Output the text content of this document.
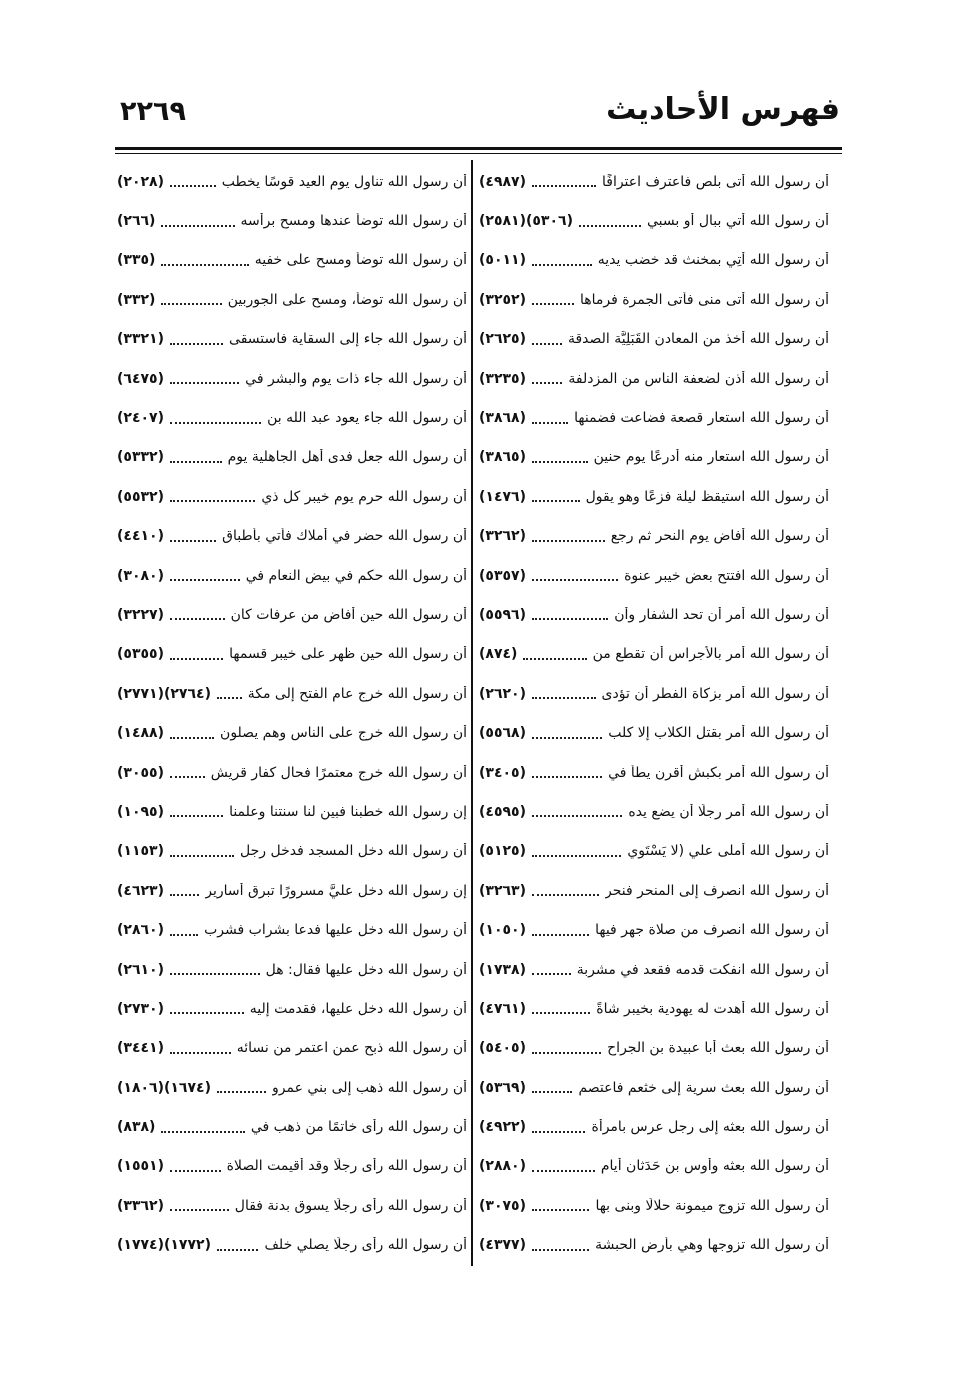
فهرس الأحاديث
٢٢٦٩
أن رسول الله أتى بلص فاعترف اعترافًا
(٤٩٨٧)
أن رسول الله أتي ببال أو بسبي
(٥٣٠٦)(٢٥٨١)
أن رسول الله أُتِي بمخنث قد خضب يديه
(٥٠١١)
أن رسول الله أتى منى فأتى الجمرة فرماها
(٣٢٥٢)
أن رسول الله أخذ من المعادن القَبَلِيَّة الصدقة
(٢٦٢٥)
أن رسول الله أذن لضعفة الناس من المزدلفة
(٣٢٣٥)
أن رسول الله استعار قصعة فضاعت فضمنها
(٣٨٦٨)
أن رسول الله استعار منه أدرعًا يوم حنين
(٣٨٦٥)
أن رسول الله استيقظ ليلة فزعًا وهو يقول
(١٤٧٦)
أن رسول الله أفاض يوم النحر ثم رجع
(٣٢٦٢)
أن رسول الله افتتح بعض خيبر عنوة
(٥٣٥٧)
أن رسول الله أمر أن تحد الشفار وأن
(٥٥٩٦)
أن رسول الله أمر بالأجراس أن تقطع من
(٨٧٤)
أن رسول الله أمر بزكاة الفطر أن تؤدى
(٢٦٢٠)
أن رسول الله أمر بقتل الكلاب إلا كلب
(٥٥٦٨)
أن رسول الله أمر بكبش أقرن يطأ في
(٣٤٠٥)
أن رسول الله أمر رجلًا أن يضع يده
(٤٥٩٥)
أن رسول الله أملى علي (لا يَسْتَوِي
(٥١٢٥)
أن رسول الله انصرف إلى المنحر فنحر
(٣٢٦٣)
أن رسول الله انصرف من صلاة جهر فيها
(١٠٥٠)
أن رسول الله انفكت قدمه فقعد في مشربة
(١٧٣٨)
أن رسول الله أهدت له يهودية بخيبر شاةً
(٤٧٦١)
أن رسول الله بعث أبا عبيدة بن الجراح
(٥٤٠٥)
أن رسول الله بعث سرية إلى خثعم فاعتصم
(٥٣٦٩)
أن رسول الله بعثه إلى رجل عرس بامرأة
(٤٩٢٢)
أن رسول الله بعثه وأوس بن حَدَثان أيام
(٢٨٨٠)
أن رسول الله تزوج ميمونة حلالًا وبنى بها
(٣٠٧٥)
أن رسول الله تزوجها وهي بأرض الحبشة
(٤٣٧٧)
أن رسول الله تناول يوم العيد قوسًا يخطب
(٢٠٢٨)
أن رسول الله توضأ عندها ومسح برأسه
(٢٦٦)
أن رسول الله توضأ ومسح على خفيه
(٣٣٥)
أن رسول الله توضأ، ومسح على الجوربين
(٣٣٢)
أن رسول الله جاء إلى السقاية فاستسقى
(٣٣٢١)
أن رسول الله جاء ذات يوم والبشر في
(٦٤٧٥)
أن رسول الله جاء يعود عبد الله بن
(٢٤٠٧)
أن رسول الله جعل فدى أهل الجاهلية يوم
(٥٣٣٢)
أن رسول الله حرم يوم خيبر كل ذي
(٥٥٣٢)
أن رسول الله حضر في أملاك فأتي بأطباق
(٤٤١٠)
أن رسول الله حكم في بيض النعام في
(٣٠٨٠)
أن رسول الله حين أفاض من عرفات كان
(٣٢٢٧)
أن رسول الله حين ظهر على خيبر قسمها
(٥٣٥٥)
أن رسول الله خرج عام الفتح إلى مكة
(٢٧٦٤)(٢٧٧١)
أن رسول الله خرج على الناس وهم يصلون
(١٤٨٨)
أن رسول الله خرج معتمرًا فحال كفار قريش
(٣٠٥٥)
إن رسول الله خطبنا فبين لنا سنتنا وعلمنا
(١٠٩٥)
أن رسول الله دخل المسجد فدخل رجل
(١١٥٣)
إن رسول الله دخل عليَّ مسرورًا تبرق أسارير
(٤٦٢٣)
أن رسول الله دخل عليها فدعا بشراب فشرب
(٢٨٦٠)
أن رسول الله دخل عليها فقال: هل
(٢٦١٠)
أن رسول الله دخل عليها، فقدمت إليه
(٢٧٣٠)
أن رسول الله ذبح عمن اعتمر من نسائه
(٣٤٤١)
أن رسول الله ذهب إلى بني عمرو
(١٦٧٤)(١٨٠٦)
أن رسول الله رأى خاتمًا من ذهب في
(٨٣٨)
أن رسول الله رأى رجلًا وقد أقيمت الصلاة
(١٥٥١)
أن رسول الله رأى رجلًا يسوق بدنة فقال
(٣٣٦٢)
أن رسول الله رأى رجلًا يصلي خلف
(١٧٧٢)(١٧٧٤)
